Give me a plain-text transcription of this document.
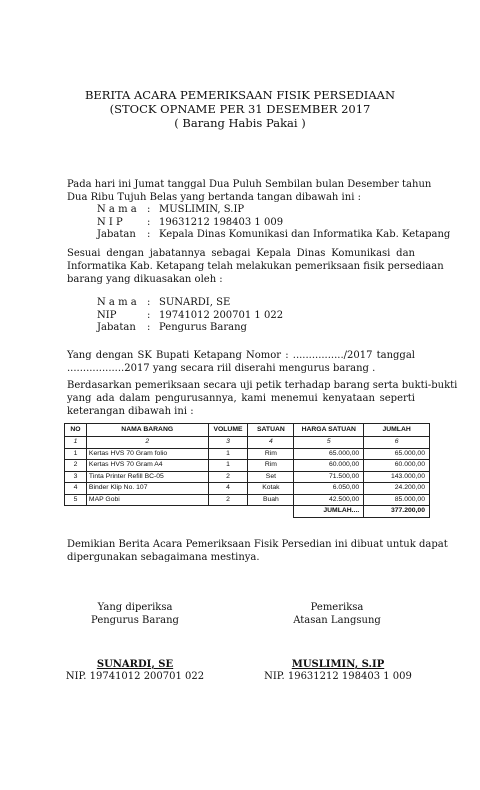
BERITA ACARA PEMERIKSAAN FISIK PERSEDIAAN
(STOCK OPNAME PER 31 DESEMBER 2017
( Barang Habis Pakai )
Pada hari ini Jumat tanggal Dua Puluh Sembilan bulan Desember tahun
Dua Ribu Tujuh Belas yang bertanda tangan dibawah ini :
N a m a	: MUSLIMIN, S.IP
N I P	: 19631212 198403 1 009
Jabatan	: Kepala Dinas Komunikasi dan Informatika Kab. Ketapang
Sesuai dengan jabatannya sebagai Kepala Dinas Komunikasi dan
Informatika Kab. Ketapang telah melakukan pemeriksaan fisik persediaan
barang yang dikuasakan oleh :
N a m a	: SUNARDI, SE
NIP	: 19741012 200701 1 022
Jabatan	: Pengurus Barang
Yang dengan SK Bupati Ketapang Nomor : ................/2017 tanggal
..................2017 yang secara riil diserahi mengurus barang .
Berdasarkan pemeriksaan secara uji petik terhadap barang serta bukti-bukti
yang ada dalam pengurusannya, kami menemui kenyataan seperti
keterangan dibawah ini :
NO	NAMA BARANG	VOLUME	SATUAN	HARGA SATUAN	JUMLAH
1	2	3	4	5	6
1	Kertas HVS 70 Gram folio	1	Rim	65.000,00	65.000,00
2	Kertas HVS 70 Gram A4	1	Rim	60.000,00	60.000,00
3	Tinta Printer Refill BC-05	2	Set	71.500,00	143.000,00
4	Binder Klip No. 107	4	Kotak	6.050,00	24.200,00
5	MAP Gobi	2	Buah	42.500,00	85.000,00
				JUMLAH....	377.200,00
Demikian Berita Acara Pemeriksaan Fisik Persedian ini dibuat untuk dapat
dipergunakan sebagaimana mestinya.
Yang diperiksa
Pengurus Barang
SUNARDI, SE
NIP. 19741012 200701 022
Pemeriksa
Atasan Langsung
MUSLIMIN, S.IP
NIP. 19631212 198403 1 009
